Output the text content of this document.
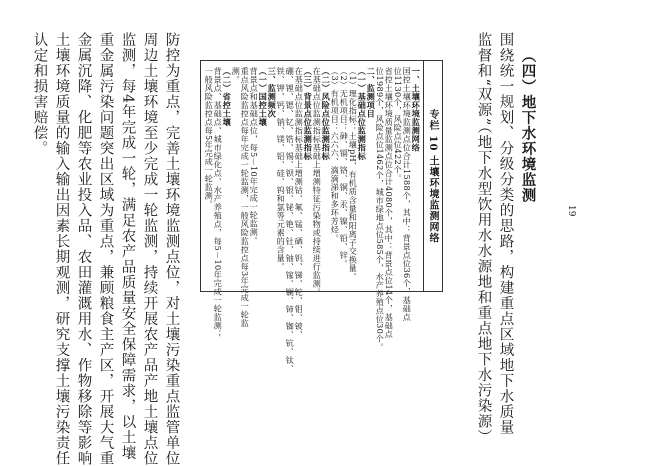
防控为重点，完善土壤环境监测点位，对土壤污染重点监管单位
周边土壤环境至少完成一轮监测，持续开展农产品产地土壤点位
监测，每4年完成一轮，满足农产品质量安全保障需求，以土壤
重金属污染问题突出区域为重点，兼顾粮食主产区，开展大气重
金属沉降、化肥等农业投入品、农田灌溉用水、作物移除等影响
土壤环境质量的输入输出因素长期观测，研究支撑土壤污染责任
认定和损害赔偿。
专栏 10 土壤环境监测网络
一、土壤环境监测网络
国控土壤环境监测点位合计1588个，其中：背景点位36个，基础点
位1130个，风险点位422个。
省控土壤环境质量监测点位合计4080个，其中：背景点位14个，基础点
位1989个，风险点位1462个，城市绿地点位585个，水产养殖点位30个。
二、监测项目
（一）基础点位监测指标
（1）理化指标：土壤pH，有机质含量和阳离子交换量。
（2）无机项目：砷、镉、铬、铜、汞、镍、铅、锌。
（3）有机项目：六六六、滴滴涕和多环芳烃。
（二）风险点位监测指标
在基础点位监测指标基础上增测特征污染物或持续进行监测。
（三）背景点位监测指标
在基础点位监测指标基础上增测钴、氟、锰、硒、钒、锑、铊、钼、铍、
硼、锂、锶、钇、锆、锡、钡、银、铋、铯、钍、铀、镓、镧、铈、铷、钪、钛、
铁、钾、钙、钠、镁、铝、硅、钨和氯等元素的含量。
三、监测频次
（一）国控土壤
背景点和基础点位，每5－10年完成一轮监测。
重点风险监控点每年完成一轮监测，一般风险监控点每3年完成一轮监
测。
（二）省控土壤
背景点、基础点、城市绿化点、水产养殖点，每5－10年完成一轮监测；
一般风险监控点每5年完成一轮监测。
19
（四）地下水环境监测
围绕统一规划、分级分类的思路，构建重点区域地下水质量
监督和“双源”（地下水型饮用水水源地和重点地下水污染源）
